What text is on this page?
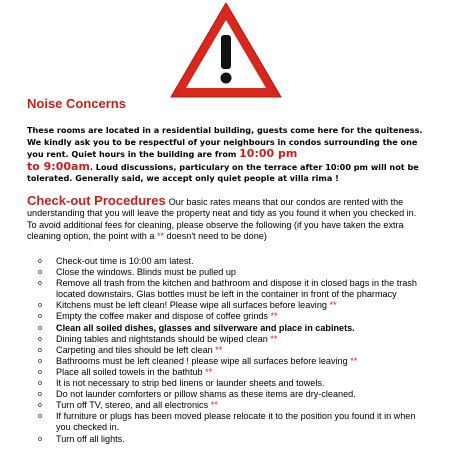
Noise Concerns
These rooms are located in a residential building, guests come here for the quiteness. We kindly ask you to be respectful of your neighbours in condos surrounding the one you rent. Quiet hours in the building are from 10:00 pm
to 9:00am. Loud discussions, particulary on the terrace after 10:00 pm will not be tolerated. Generally said, we accept only quiet people at villa rima !
Check-out Procedures Our basic rates means that our condos are rented with the understanding that you will leave the property neat and tidy as you found it when you checked in. To avoid additional fees for cleaning, please observe the following (if you have taken the extra cleaning option, the point with a ** doesn't need to be done)
o Check-out time is 10:00 am latest.
o Close the windows. Blinds must be pulled up
o Remove all trash from the kitchen and bathroom and dispose it in closed bags in the trash located downstairs. Glas bottles must be left in the container in front of the pharmacy
o Kitchens must be left clean! Please wipe all surfaces before leaving **
o Empty the coffee maker and dispose of coffee grinds **
o Clean all soiled dishes, glasses and silverware and place in cabinets.
o Dining tables and nightstands should be wiped clean **
o Carpeting and tiles should be left clean **
o Bathrooms must be left cleaned ! please wipe all surfaces before leaving **
o Place all soiled towels in the bathtub **
o It is not necessary to strip bed linens or launder sheets and towels.
o Do not launder comforters or pillow shams as these items are dry-cleaned.
o Turn off TV, stereo, and all electronics **
o If furniture or plugs has been moved please relocate it to the position you found it in when you checked in.
o Turn off all lights.
